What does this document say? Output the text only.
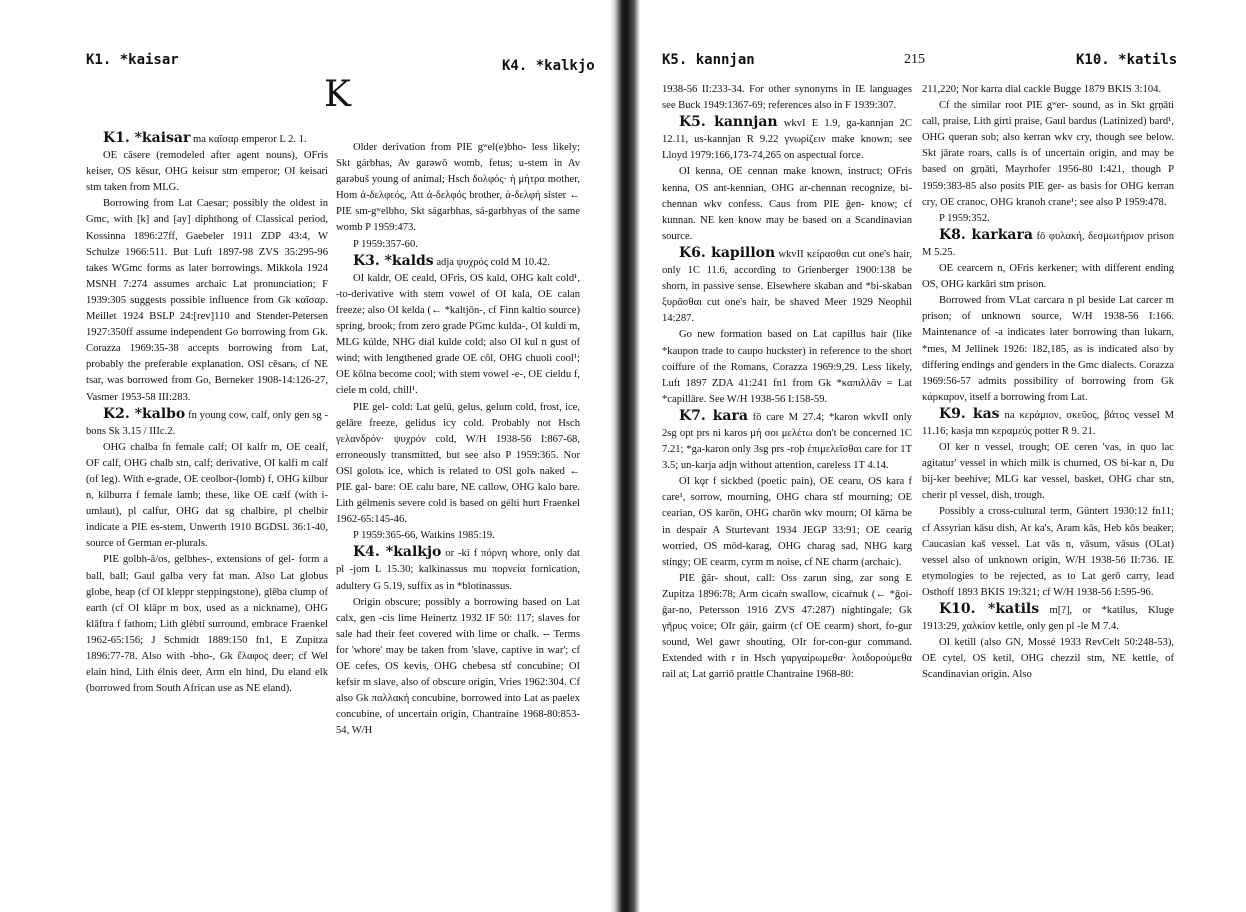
K1. *kaisar	K4. *kalkjo
K

K1. *kaisar ma καῖσαρ emperor L 2. 1.

OE cāsere (remodeled after agent nouns), OFris keiser, OS kēsur, OHG keisur stm emperor; OI keisari stm taken from MLG.

Borrowing from Lat Caesar; possibly the oldest in Gmc, with [k] and [ay] diphthong of Classical period, Kossinna 1896:27ff, Gaebeler 1911 ZDP 43:4, W Schulze 1966:511. But Luft 1897-98 ZVS 35:295-96 takes WGmc forms as later borrowings. Mikkola 1924 MSNH 7:274 assumes archaic Lat pronunciation; F 1939:305 suggests possible influence from Gk καῖσαρ. Meillet 1924 BSLP 24:[rev]110 and Stender-Petersen 1927:350ff assume independent Go borrowing from Gk. Corazza 1969:35-38 accepts borrowing from Lat, probably the preferable explanation. OSl cěsarь, cf NE tsar, was borrowed from Go, Berneker 1908-14:126-27, Vasmer 1953-58 III:283.

K2. *kalbo fn young cow, calf, only gen sg -bons Sk 3.15 / IIIc.2.

OHG chalba fn female calf; OI kalfr m, OE cealf, OF calf, OHG chalb stn, calf; derivative, OI kalfi m calf (of leg). With e-grade, OE ceolbor-(lomb) f, OHG kilbur n, kilburra f female lamb; these, like OE cælf (with i-umlaut), pl calfur, OHG dat sg chalbire, pl chelbir indicate a PIE es-stem, Unwerth 1910 BGDSL 36:1-40, source of German er-plurals.

PIE golbh-ā/os, gelbhes-, extensions of gel- form a ball, ball; Gaul galba very fat man. Also Lat globus globe, heap (cf OI kleppr steppingstone), glēba clump of earth (cf OI klāpr m box, used as a nickname), OHG klāftra f fathom; Lith glėbti surround, embrace Fraenkel 1962-65:156; J Schmidt 1889:150 fn1, E Zupitza 1896:77-78. Also with -bho-, Gk ἔλαφος deer; cf Wel elain hind, Lith élnis deer, Arm eln hind, Du eland elk (borrowed from South African use as NE eland).

Older derivation from PIE gʷel(e)bho- less likely; Skt gárbhas, Av garəwō womb, fetus; u-stem in Av garəbuš young of animal; Hsch δολφός· ἡ μήτρα mother, Hom ἀ-δελφεός, Att ἀ-δελφός brother, ἀ-δελφή sister ← PIE sm-gʷelbho, Skt ságarbhas, sá-garbhyas of the same womb P 1959:473.

P 1959:357-60.

K3. *kalds adja ψυχρός cold M 10.42.

OI kaldr, OE ceald, OFris, OS kald, OHG kalt cold¹, -to-derivative with stem vowel of OI kala, OE calan freeze; also OI kelda (← *kaltjōn-, cf Finn kaltio source) spring, brook; from zero grade PGmc kulda-, OI kuldi m, MLG külde, NHG dial kulde cold; also OI kul n gust of wind; with lengthened grade OE cōl, OHG chuoli cool¹; OE kōlna become cool; with stem vowel -e-, OE cieldu f, ciele m cold, chill¹.

PIE gel- cold: Lat gelū, gelus, gelum cold, frost, ice, gelāre freeze, gelidus icy cold. Probably not Hsch γελανδρόν· ψυχρόν cold, W/H 1938-56 I:867-68, erroneously transmitted, but see also P 1959:365. Nor OSl golotь ice, which is related to OSl golъ naked ← PIE gal- bare: OE calu bare, NE callow, OHG kalo bare. Lith gélmenis severe cold is based on gélti hurt Fraenkel 1962-65:145-46.

P 1959:365-66, Watkins 1985:19.

K4. *kalkjo or -ki f πόρνη whore, only dat pl -jom L 15.30; kalkinassus mu πορνεία fornication, adultery G 5.19, suffix as in *blotinassus.

Origin obscure; possibly a borrowing based on Lat calx, gen -cis lime Heinertz 1932 IF 50: 117; slaves for sale had their feet covered with lime or chalk. -- Terms for 'whore' may be taken from 'slave, captive in war'; cf OE cefes, OS kevis, OHG chebesa stf concubine; OI kefsir m slave, also of obscure origin, Vries 1962:304. Cf also Gk παλλακή concubine, borrowed into Lat as paelex concubine, of uncertain origin, Chantraine 1968-80:853-54, W/H

K5. kannjan	215	K10. *katils

1938-56 II:233-34. For other synonyms in IE languages see Buck 1949:1367-69; references also in F 1939:307.

K5. kannjan wkvI E 1.9, ga-kannjan 2C 12.11, us-kannjan R 9.22 γνωρίζειν make known; see Lloyd 1979:166,173-74,265 on aspectual force.

OI kenna, OE cennan make known, instruct; OFris kenna, OS ant-kennian, OHG ar-chennan recognize, bi-chennan wkv confess. Caus from PIE ĝen- know; cf kunnan. NE ken know may be based on a Scandinavian source.

K6. kapillon wkvII κείρασθαι cut one's hair, only 1C 11.6, according to Grienberger 1900:138 be shorn, in passive sense. Elsewhere skaban and *bi-skaban ξυρᾶσθαι cut one's hair, be shaved Meer 1929 Neophil 14:287.

Go new formation based on Lat capillus hair (like *kaupon trade to caupo huckster) in reference to the short coiffure of the Romans, Corazza 1969:9,29. Less likely, Luft 1897 ZDA 41:241 fn1 from Gk *καπιλλᾶν = Lat *capillāre. See W/H 1938-56 I:158-59.

K7. kara fō care M 27.4; *karon wkvII only 2sg opt prs ni karos μή σοι μελέτω don't be concerned 1C 7.21; *ga-karon only 3sg prs -roþ ἐπιμελεῖσθαι care for 1T 3.5; un-karja adjn without attention, careless 1T 4.14.

OI kǫr f sickbed (poetic pain), OE cearu, OS kara f care¹, sorrow, mourning, OHG chara stf mourning; OE cearian, OS karōn, OHG charōn wkv mourn; OI kārna be in despair A Sturtevant 1934 JEGP 33:91; OE cearig worried, OS mōd-karag, OHG charag sad, NHG karg stingy; OE cearm, cyrm m noise, cf NE charm (archaic).

PIE ĝār- shout, call: Oss zarun sing, zar song E Zupitza 1896:78; Arm cicaṙn swallow, cicaṙnuk (← *ĝoi-ĝar-no, Petersson 1916 ZVS 47:287) nightingale; Gk γῆρυς voice; OIr gáir, gairm (cf OE cearm) short, fo-gur sound, Wel gawr shouting, OIr for-con-gur command. Extended with r in Hsch γαργαίρωμεθα· λοιδορούμεθα rail at; Lat garriō prattle Chantraine 1968-80:

211,220; Nor karra dial cackle Bugge 1879 BKIS 3:104.

Cf the similar root PIE gʷer- sound, as in Skt gṛṇāti call, praise, Lith gìrti praise, Gaul bardus (Latinized) bard¹, OHG queran sob; also kerran wkv cry, though see below. Skt jārate roars, calls is of uncertain origin, and may be based on gṛṇāti, Mayrhofer 1956-80 I:421, though P 1959:383-85 also posits PIE ger- as basis for OHG kerran cry, OE cranoc, OHG kranoh crane¹; see also P 1959:478.

P 1959:352.

K8. karkara fō φυλακή, δεσμωτήριον prison M 5.25.

OE cearcern n, OFris kerkener; with different ending OS, OHG karkāri stm prison.

Borrowed from VLat carcara n pl beside Lat carcer m prison; of unknown source, W/H 1938-56 I:166. Maintenance of -a indicates later borrowing than lukarn, *mes, M Jellinek 1926: 182,185, as is indicated also by differing endings and genders in the Gmc dialects. Corazza 1969:56-57 admits possibility of borrowing from Gk κάρκαρον, itself a borrowing from Lat.

K9. kas na κεράμιον, σκεῦος, βάτος vessel M 11.16; kasja mn κεραμεύς potter R 9. 21.

OI ker n vessel, trough; OE ceren 'vas, in quo lac agitatur' vessel in which milk is churned, OS bi-kar n, Du bij-ker beehive; MLG kar vessel, basket, OHG char stn, cherir pl vessel, dish, trough.

Possibly a cross-cultural term, Güntert 1930:12 fn11; cf Assyrian kāsu dish, Ar ka's, Aram kās, Heb kōs beaker; Caucasian kaš vessel. Lat vās n, vāsum, vāsus (OLat) vessel also of unknown origin, W/H 1938-56 II:736. IE etymologies to be rejected, as to Lat gerō carry, lead Osthoff 1893 BKIS 19:321; cf W/H 1938-56 I:595-96.

K10. *katils m[?], or *katilus, Kluge 1913:29, χαλκίον kettle, only gen pl -le M 7.4.

OI ketill (also GN, Mossé 1933 RevCelt 50:248-53), OE cytel, OS ketil, OHG chezzil stm, NE kettle, of Scandinavian origin. Also
